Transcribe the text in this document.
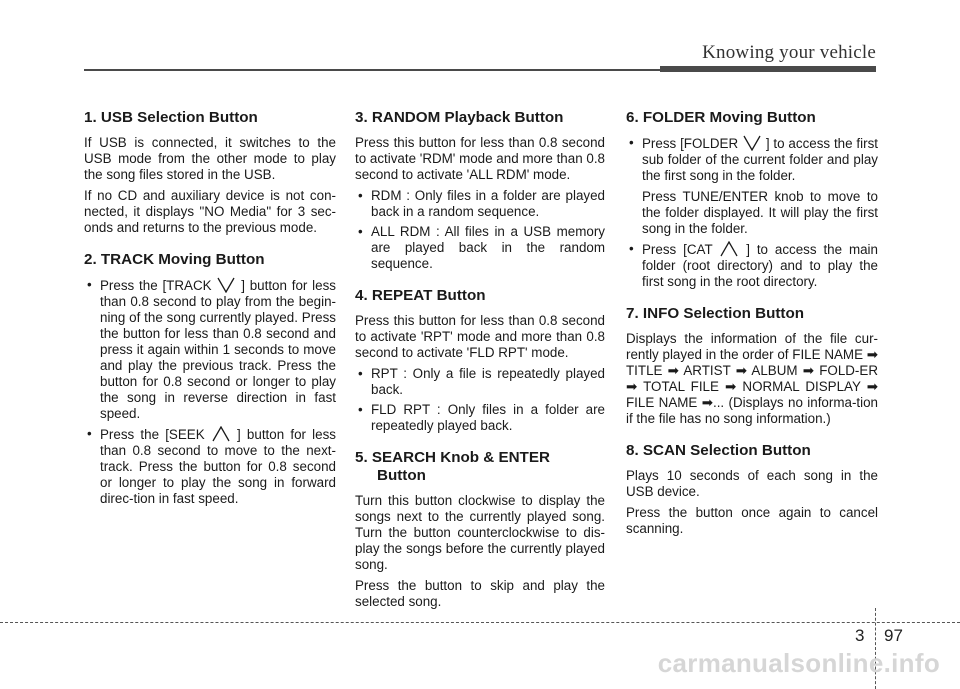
Knowing your vehicle
1. USB Selection Button

If USB is connected, it switches to the USB mode from the other mode to play the song files stored in the USB.

If no CD and auxiliary device is not con-nected, it displays "NO Media" for 3 sec-onds and returns to the previous mode.

2. TRACK Moving Button
• Press the [TRACK ] button for less than 0.8 second to play from the begin-ning of the song currently played. Press the button for less than 0.8 second and press it again within 1 seconds to move and play the previous track. Press the button for 0.8 second or longer to play the song in reverse direction in fast speed.
• Press the [SEEK ] button for less than 0.8 second to move to the next-track. Press the button for 0.8 second or longer to play the song in forward direc-tion in fast speed.
3. RANDOM Playback Button

Press this button for less than 0.8 second to activate 'RDM' mode and more than 0.8 second to activate 'ALL RDM' mode.

• RDM : Only files in a folder are played back in a random sequence.
• ALL RDM : All files in a USB memory are played back in the random sequence.
4. REPEAT Button

Press this button for less than 0.8 second to activate 'RPT' mode and more than 0.8 second to activate 'FLD RPT' mode.

• RPT : Only a file is repeatedly played back.
• FLD RPT : Only files in a folder are repeatedly played back.
5. SEARCH Knob & ENTER
Button

Turn this button clockwise to display the songs next to the currently played song. Turn the button counterclockwise to dis-play the songs before the currently played song.

Press the button to skip and play the selected song.

6. FOLDER Moving Button
• Press [FOLDER ] to access the first sub folder of the current folder and play the first song in the folder.
Press TUNE/ENTER knob to move to the folder displayed. It will play the first song in the folder.
• Press [CAT	] to access the main folder (root directory) and to play the first song in the root directory.
7. INFO Selection Button

Displays the information of the file cur-rently played in the order of FILE NAME ➡ TITLE ➡ ARTIST ➡ ALBUM ➡ FOLD-ER ➡ TOTAL FILE ➡ NORMAL DISPLAY ➡ FILE NAME ➡... (Displays no informa-tion if the file has no song information.)

8. SCAN Selection Button

Plays 10 seconds of each song in the USB device.

Press the button once again to cancel scanning.

3 97
carmanualsonline.info
